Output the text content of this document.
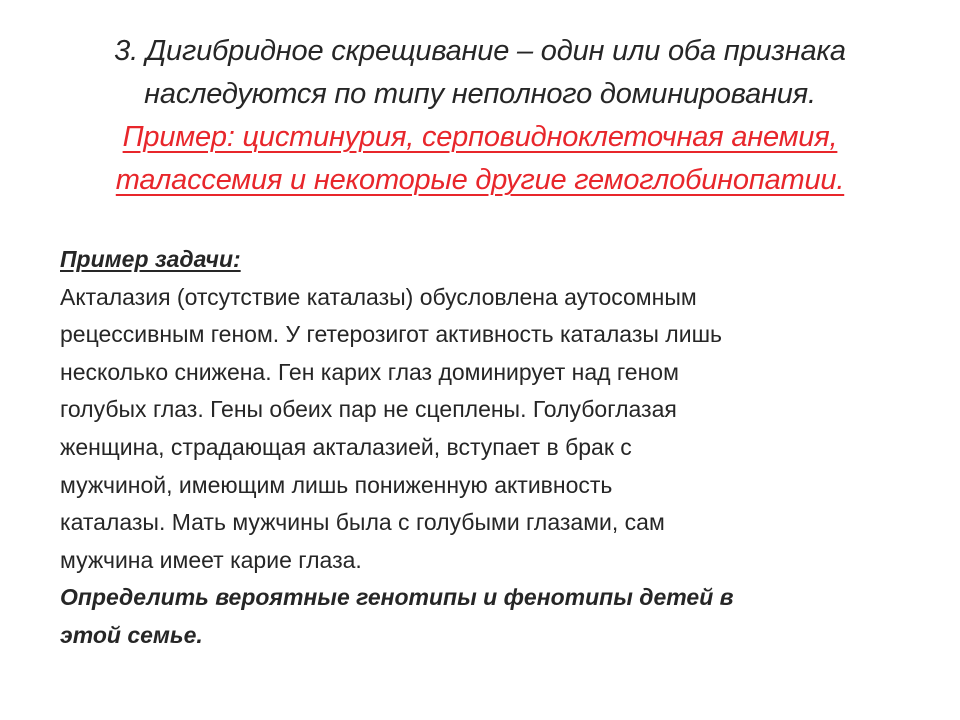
3. Дигибридное скрещивание – один или оба признака
наследуются по типу неполного доминирования.
Пример: цистинурия, серповидноклеточная анемия,
талассемия и некоторые другие гемоглобинопатии.
Пример задачи:
Акталазия (отсутствие каталазы) обусловлена аутосомным
рецессивным геном. У гетерозигот активность каталазы лишь
несколько снижена. Ген карих глаз доминирует над геном
голубых глаз. Гены обеих пар не сцеплены. Голубоглазая
женщина, страдающая акталазией, вступает в брак с
мужчиной, имеющим лишь пониженную активность
каталазы. Мать мужчины была с голубыми глазами, сам
мужчина имеет карие глаза.
Определить вероятные генотипы и фенотипы детей в
этой семье.
